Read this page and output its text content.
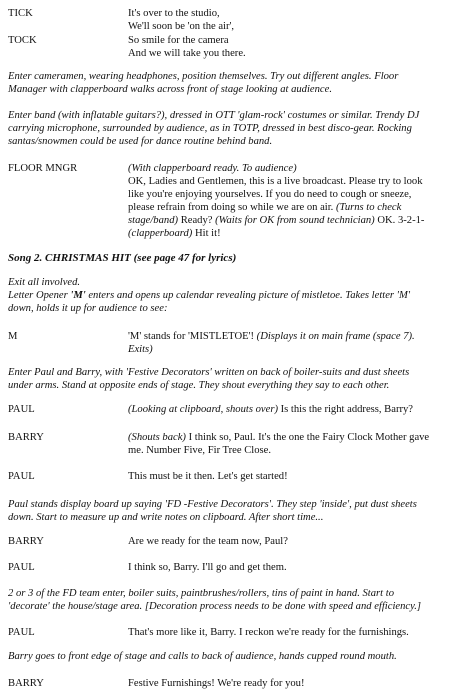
TICK	It's over to the studio,
We'll soon be 'on the air',
TOCK	So smile for the camera
And we will take you there.
Enter cameramen, wearing headphones, position themselves. Try out different angles. Floor
Manager with clapperboard walks across front of stage looking at audience.
Enter band (with inflatable guitars?), dressed in OTT 'glam-rock' costumes or similar. Trendy DJ
carrying microphone, surrounded by audience, as in TOTP, dressed in best disco-gear. Rocking
santas/snowmen could be used for dance routine behind band.
FLOOR MNGR	(With clapperboard ready. To audience)
OK, Ladies and Gentlemen, this is a live broadcast. Please try to look
like you're enjoying yourselves. If you do need to cough or sneeze,
please refrain from doing so while we are on air. (Turns to check
stage/band) Ready? (Waits for OK from sound technician) OK. 3-2-1-
(clapperboard) Hit it!
Song 2. CHRISTMAS HIT (see page 47 for lyrics)
Exit all involved.
Letter Opener 'M' enters and opens up calendar revealing picture of mistletoe. Takes letter 'M'
down, holds it up for audience to see:
M	'M' stands for 'MISTLETOE'! (Displays it on main frame (space 7).
Exits)
Enter Paul and Barry, with 'Festive Decorators' written on back of boiler-suits and dust sheets
under arms. Stand at opposite ends of stage. They shout everything they say to each other.
PAUL	(Looking at clipboard, shouts over) Is this the right address, Barry?
BARRY	(Shouts back) I think so, Paul. It's the one the Fairy Clock Mother gave
me. Number Five, Fir Tree Close.
PAUL	This must be it then. Let's get started!
Paul stands display board up saying 'FD -Festive Decorators'. They step 'inside', put dust sheets
down. Start to measure up and write notes on clipboard. After short time...
BARRY	Are we ready for the team now, Paul?
PAUL	I think so, Barry. I'll go and get them.
2 or 3 of the FD team enter, boiler suits, paintbrushes/rollers, tins of paint in hand. Start to
'decorate' the house/stage area. [Decoration process needs to be done with speed and efficiency.]
PAUL	That's more like it, Barry. I reckon we're ready for the furnishings.
Barry goes to front edge of stage and calls to back of audience, hands cupped round mouth.
BARRY	Festive Furnishings! We're ready for you!
